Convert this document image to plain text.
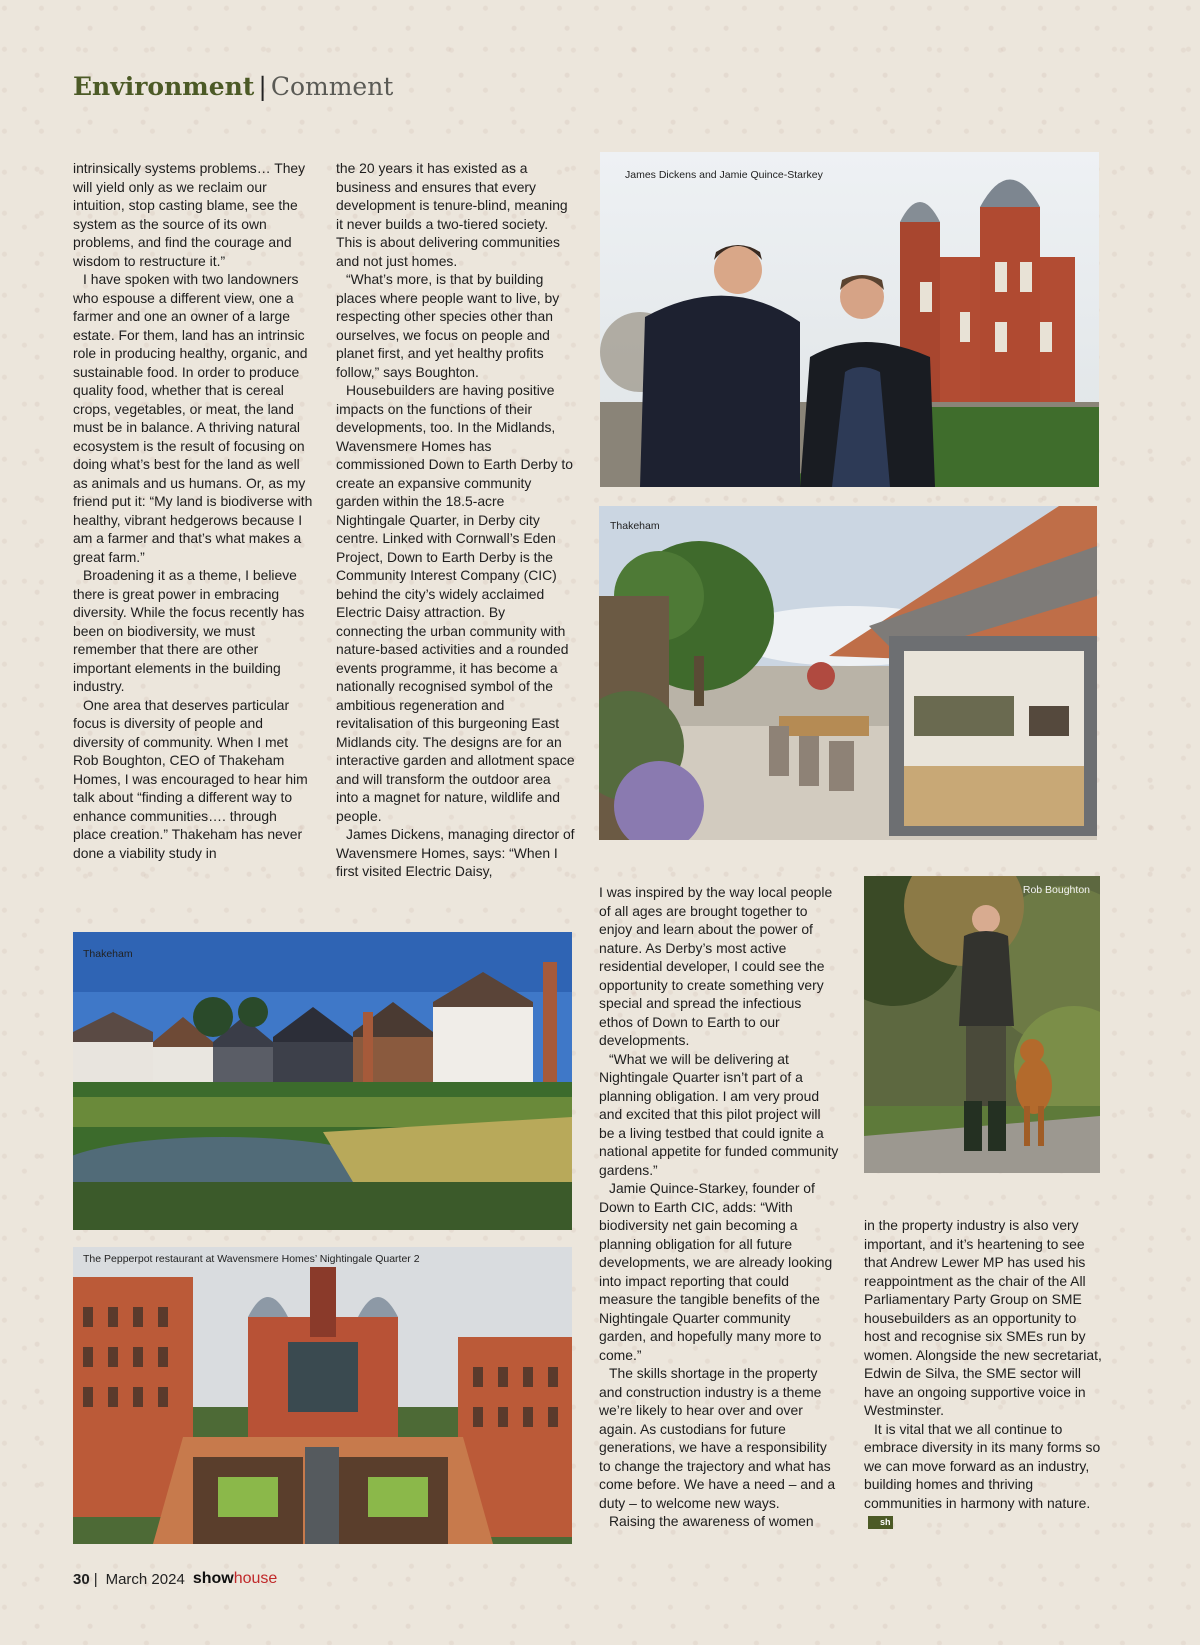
Environment | Comment

intrinsically systems problems… They will yield only as we reclaim our intuition, stop casting blame, see the system as the source of its own problems, and find the courage and wisdom to restructure it.”

I have spoken with two landowners who espouse a different view, one a farmer and one an owner of a large estate. For them, land has an intrinsic role in producing healthy, organic, and sustainable food. In order to produce quality food, whether that is cereal crops, vegetables, or meat, the land must be in balance. A thriving natural ecosystem is the result of focusing on doing what’s best for the land as well as animals and us humans. Or, as my friend put it: “My land is biodiverse with healthy, vibrant hedgerows because I am a farmer and that’s what makes a great farm.”

Broadening it as a theme, I believe there is great power in embracing diversity. While the focus recently has been on biodiversity, we must remember that there are other important elements in the building industry.

One area that deserves particular focus is diversity of people and diversity of community. When I met Rob Boughton, CEO of Thakeham Homes, I was encouraged to hear him talk about “finding a different way to enhance communities…. through place creation.” Thakeham has never done a viability study in

the 20 years it has existed as a business and ensures that every development is tenure-blind, meaning it never builds a two-tiered society. This is about delivering communities and not just homes.

“What’s more, is that by building places where people want to live, by respecting other species other than ourselves, we focus on people and planet first, and yet healthy profits follow,” says Boughton.

Housebuilders are having positive impacts on the functions of their developments, too. In the Midlands, Wavensmere Homes has commissioned Down to Earth Derby to create an expansive community garden within the 18.5-acre Nightingale Quarter, in Derby city centre. Linked with Cornwall’s Eden Project, Down to Earth Derby is the Community Interest Company (CIC) behind the city’s widely acclaimed Electric Daisy attraction. By connecting the urban community with nature-based activities and a rounded events programme, it has become a nationally recognised symbol of the ambitious regeneration and revitalisation of this burgeoning East Midlands city. The designs are for an interactive garden and allotment space and will transform the outdoor area into a magnet for nature, wildlife and people.

James Dickens, managing director of Wavensmere Homes, says: “When I first visited Electric Daisy,

I was inspired by the way local people of all ages are brought together to enjoy and learn about the power of nature. As Derby’s most active residential developer, I could see the opportunity to create something very special and spread the infectious ethos of Down to Earth to our developments.

“What we will be delivering at Nightingale Quarter isn’t part of a planning obligation. I am very proud and excited that this pilot project will be a living testbed that could ignite a national appetite for funded community gardens.”

Jamie Quince-Starkey, founder of Down to Earth CIC, adds: “With biodiversity net gain becoming a planning obligation for all future developments, we are already looking into impact reporting that could measure the tangible benefits of the Nightingale Quarter community garden, and hopefully many more to come.”

The skills shortage in the property and construction industry is a theme we’re likely to hear over and over again. As custodians for future generations, we have a responsibility to change the trajectory and what has come before. We have a need – and a duty – to welcome new ways.

Raising the awareness of women

in the property industry is also very important, and it’s heartening to see that Andrew Lewer MP has used his reappointment as the chair of the All Parliamentary Party Group on SME housebuilders as an opportunity to host and recognise six SMEs run by women. Alongside the new secretariat, Edwin de Silva, the SME sector will have an ongoing supportive voice in Westminster.

It is vital that we all continue to embrace diversity in its many forms so we can move forward as an industry, building homes and thriving communities in harmony with nature.sh

James Dickens and Jamie Quince-Starkey
Thakeham
Rob Boughton
Thakeham
The Pepperpot restaurant at Wavensmere Homes’ Nightingale Quarter 2
30 | March 2024 show house
